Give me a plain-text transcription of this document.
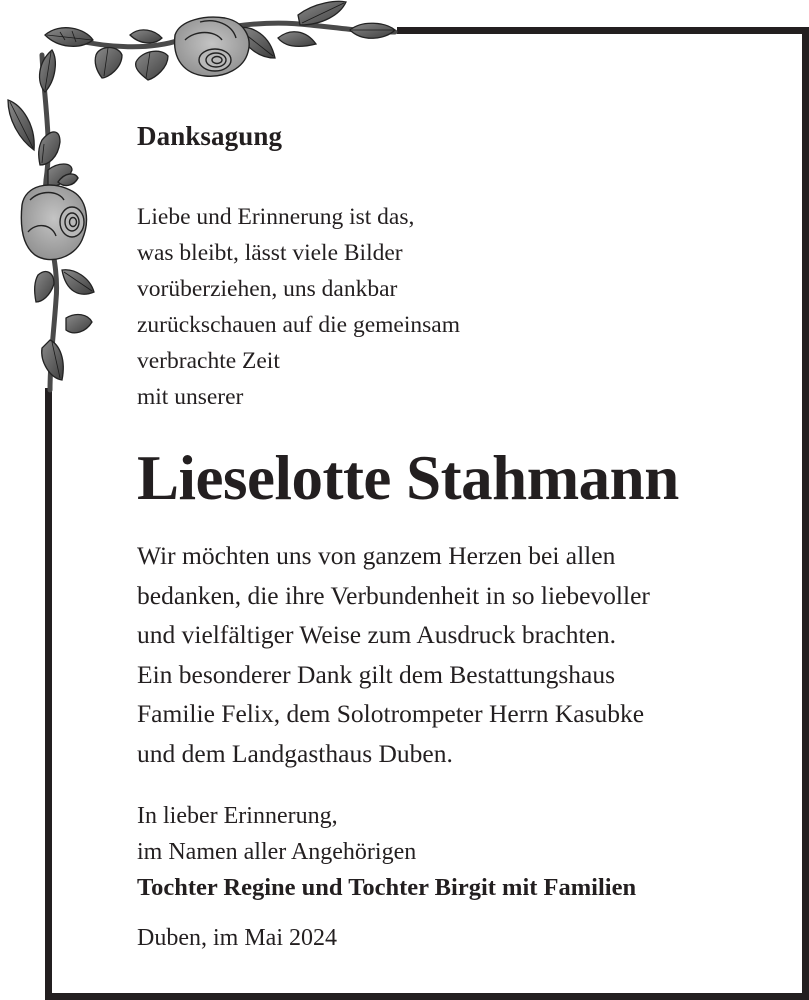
Danksagung
Liebe und Erinnerung ist das,
was bleibt, lässt viele Bilder
vorüberziehen, uns dankbar
zurückschauen auf die gemeinsam
verbrachte Zeit
mit unserer
Lieselotte Stahmann
Wir möchten uns von ganzem Herzen bei allen
bedanken, die ihre Verbundenheit in so liebevoller
und vielfältiger Weise zum Ausdruck brachten.
Ein besonderer Dank gilt dem Bestattungshaus
Familie Felix, dem Solotrompeter Herrn Kasubke
und dem Landgasthaus Duben.
In lieber Erinnerung,
im Namen aller Angehörigen
Tochter Regine und Tochter Birgit mit Familien
Duben, im Mai 2024
